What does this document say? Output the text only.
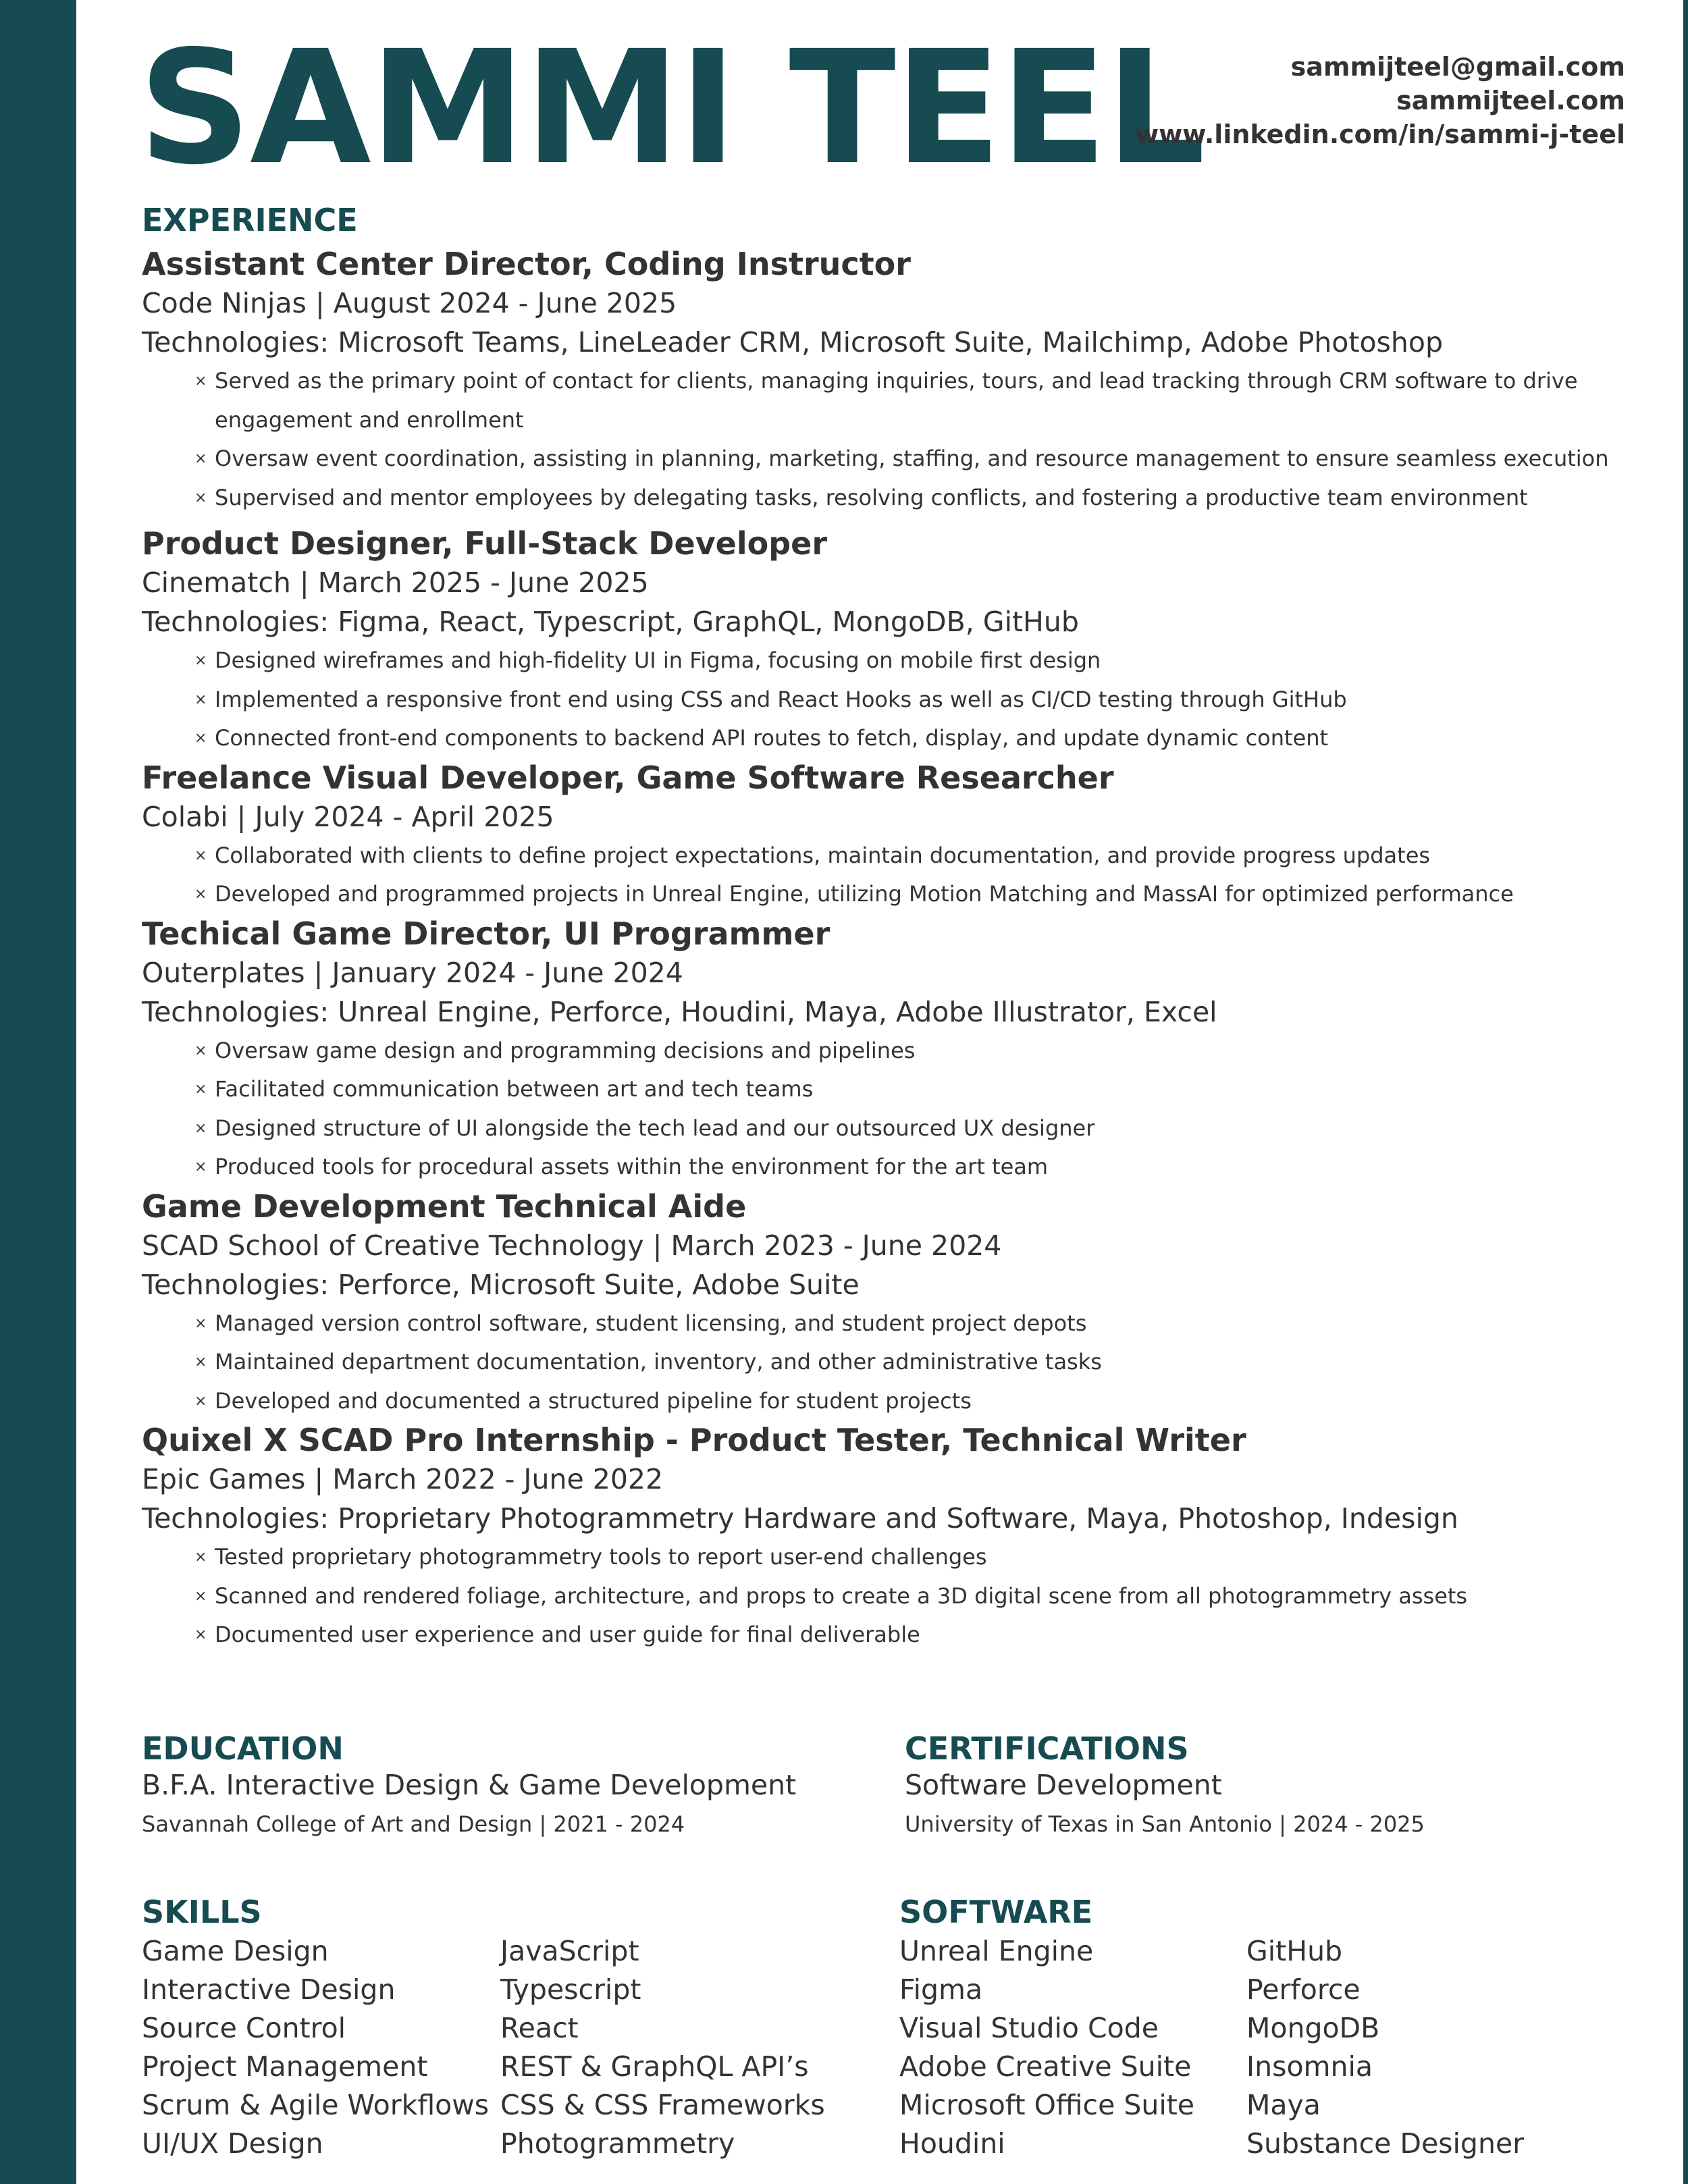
SAMMI TEEL	sammijteel@gmail.com
sammijteel.com
www.linkedin.com/in/sammi-j-teel
EXPERIENCE
Assistant Center Director, Coding Instructor
Code Ninjas | August 2024 - June 2025
Technologies: Microsoft Teams, LineLeader CRM, Microsoft Suite, Mailchimp, Adobe Photoshop
× Served as the primary point of contact for clients, managing inquiries, tours, and lead tracking through CRM software to drive
engagement and enrollment
× Oversaw event coordination, assisting in planning, marketing, staffing, and resource management to ensure seamless execution
× Supervised and mentor employees by delegating tasks, resolving conflicts, and fostering a productive team environment
Product Designer, Full-Stack Developer
Cinematch | March 2025 - June 2025
Technologies: Figma, React, Typescript, GraphQL, MongoDB, GitHub
× Designed wireframes and high-fidelity UI in Figma, focusing on mobile first design
× Implemented a responsive front end using CSS and React Hooks as well as CI/CD testing through GitHub
× Connected front-end components to backend API routes to fetch, display, and update dynamic content
Freelance Visual Developer, Game Software Researcher
Colabi | July 2024 - April 2025
× Collaborated with clients to define project expectations, maintain documentation, and provide progress updates
× Developed and programmed projects in Unreal Engine, utilizing Motion Matching and MassAI for optimized performance
Techical Game Director, UI Programmer
Outerplates | January 2024 - June 2024
Technologies: Unreal Engine, Perforce, Houdini, Maya, Adobe Illustrator, Excel
× Oversaw game design and programming decisions and pipelines
× Facilitated communication between art and tech teams
× Designed structure of UI alongside the tech lead and our outsourced UX designer
× Produced tools for procedural assets within the environment for the art team
Game Development Technical Aide
SCAD School of Creative Technology | March 2023 - June 2024
Technologies: Perforce, Microsoft Suite, Adobe Suite
× Managed version control software, student licensing, and student project depots
× Maintained department documentation, inventory, and other administrative tasks
× Developed and documented a structured pipeline for student projects
Quixel X SCAD Pro Internship - Product Tester, Technical Writer
Epic Games | March 2022 - June 2022
Technologies: Proprietary Photogrammetry Hardware and Software, Maya, Photoshop, Indesign
× Tested proprietary photogrammetry tools to report user-end challenges
× Scanned and rendered foliage, architecture, and props to create a 3D digital scene from all photogrammetry assets
× Documented user experience and user guide for final deliverable
EDUCATION
B.F.A. Interactive Design & Game Development
Savannah College of Art and Design | 2021 - 2024
CERTIFICATIONS
Software Development
University of Texas in San Antonio | 2024 - 2025
SKILLS
Game Design
Interactive Design
Source Control
Project Management
Scrum & Agile Workflows
UI/UX Design
JavaScript
Typescript
React
REST & GraphQL API’s
CSS & CSS Frameworks
Photogrammetry
SOFTWARE
Unreal Engine
Figma
Visual Studio Code
Adobe Creative Suite
Microsoft Office Suite
Houdini
GitHub
Perforce
MongoDB
Insomnia
Maya
Substance Designer
